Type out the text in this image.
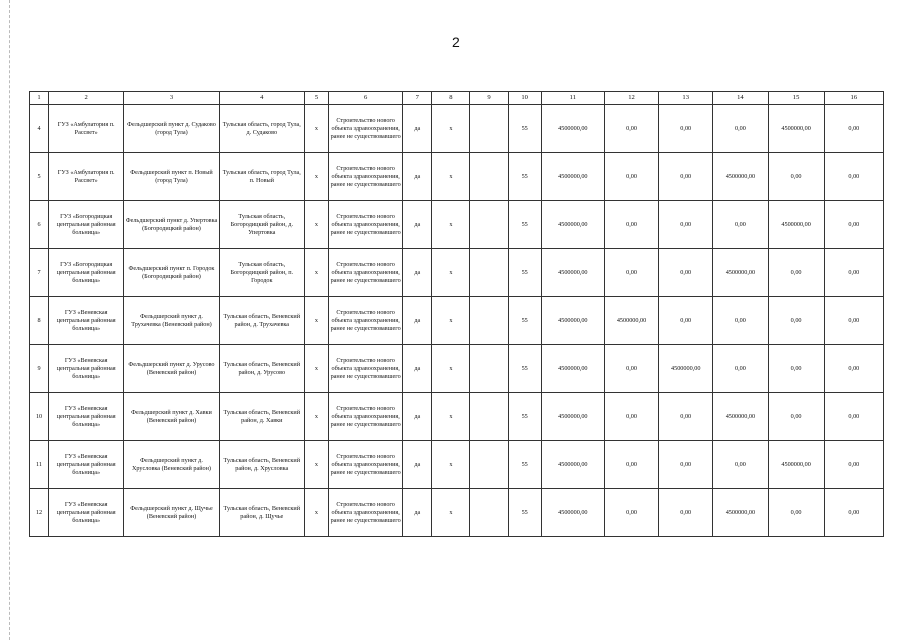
2
1	2	3	4	5	6	7	8	9	10	11	12	13	14	15	16
4	ГУЗ «Амбулатория п. Рассвет»	Фельдшерский пункт д. Судаково (город Тула)	Тульская область, город Тула, д. Судаково	х	Строительство нового объекта здравоохранения, ранее не существовавшего	да	х		55	4500000,00	0,00	0,00	0,00	4500000,00	0,00
5	ГУЗ «Амбулатория п. Рассвет»	Фельдшерский пункт п. Новый (город Тула)	Тульская область, город Тула, п. Новый	х	Строительство нового объекта здравоохранения, ранее не существовавшего	да	х		55	4500000,00	0,00	0,00	4500000,00	0,00	0,00
6	ГУЗ «Богородицкая центральная районная больница»	Фельдшерский пункт д. Упертовка (Богородицкий район)	Тульская область, Богородицкий район, д. Упертовка	х	Строительство нового объекта здравоохранения, ранее не существовавшего	да	х		55	4500000,00	0,00	0,00	0,00	4500000,00	0,00
7	ГУЗ «Богородицкая центральная районная больница»	Фельдшерский пункт п. Городок (Богородицкий район)	Тульская область, Богородицкий район, п. Городок	х	Строительство нового объекта здравоохранения, ранее не существовавшего	да	х		55	4500000,00	0,00	0,00	4500000,00	0,00	0,00
8	ГУЗ «Веневская центральная районная больница»	Фельдшерский пункт д. Трухачевка (Веневский район)	Тульская область, Веневский район, д. Трухачевка	х	Строительство нового объекта здравоохранения, ранее не существовавшего	да	х		55	4500000,00	4500000,00	0,00	0,00	0,00	0,00
9	ГУЗ «Веневская центральная районная больница»	Фельдшерский пункт д. Урусово (Веневский район)	Тульская область, Веневский район, д. Урусово	х	Строительство нового объекта здравоохранения, ранее не существовавшего	да	х		55	4500000,00	0,00	4500000,00	0,00	0,00	0,00
10	ГУЗ «Веневская центральная районная больница»	Фельдшерский пункт д. Хавки (Веневский район)	Тульская область, Веневский район, д. Хавки	х	Строительство нового объекта здравоохранения, ранее не существовавшего	да	х		55	4500000,00	0,00	0,00	4500000,00	0,00	0,00
11	ГУЗ «Веневская центральная районная больница»	Фельдшерский пункт д. Хрусловка (Веневский район)	Тульская область, Веневский район, д. Хрусловка	х	Строительство нового объекта здравоохранения, ранее не существовавшего	да	х		55	4500000,00	0,00	0,00	0,00	4500000,00	0,00
12	ГУЗ «Веневская центральная районная больница»	Фельдшерский пункт д. Щучье (Веневский район)	Тульская область, Веневский район, д. Щучье	х	Строительство нового объекта здравоохранения, ранее не существовавшего	да	х		55	4500000,00	0,00	0,00	4500000,00	0,00	0,00
